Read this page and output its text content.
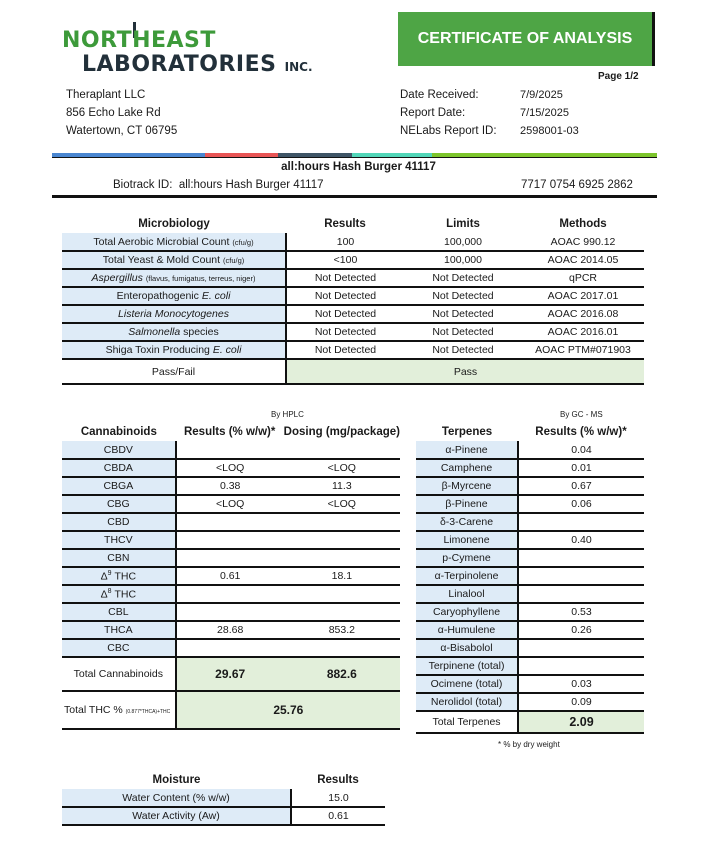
NORTHEAST
LABORATORIES INC.
CERTIFICATE OF ANALYSIS
Page 1/2
Theraplant LLC
856 Echo Lake Rd
Watertown, CT 06795
Date Received:	7/9/2025
Report Date:	7/15/2025
NELabs Report ID: 2598001-03
all:hours Hash Burger 41117
Biotrack ID: all:hours Hash Burger 41117	7717 0754 6925 2862
Microbiology	Results	Limits	Methods
Total Aerobic Microbial Count (cfu/g)	100	100,000	AOAC 990.12
Total Yeast & Mold Count (cfu/g)	<100	100,000	AOAC 2014.05
Aspergillus (flavus, fumigatus, terreus, niger)	Not Detected	Not Detected	qPCR
Enteropathogenic E. coli	Not Detected	Not Detected	AOAC 2017.01
Listeria Monocytogenes	Not Detected	Not Detected	AOAC 2016.08
Salmonella species	Not Detected	Not Detected	AOAC 2016.01
Shiga Toxin Producing E. coli	Not Detected	Not Detected	AOAC PTM#071903
Pass/Fail	Pass		
By HPLC	By GC - MS
Cannabinoids	Results (% w/w)*	Dosing (mg/package)
CBDV		
CBDA	<LOQ	<LOQ
CBGA	0.38	11.3
CBG	<LOQ	<LOQ
CBD		
THCV		
CBN		
$\Delta^9$ THC	0.61	18.1
$\Delta^8$ THC		
CBL		
THCA	28.68	853.2
CBC		
Total Cannabinoids	29.67	882.6
Total THC % (0.877*THCA)+THC	25.76	
Terpenes	Results (% w/w)*
α-Pinene	0.04
Camphene	0.01
β-Myrcene	0.67
β-Pinene	0.06
δ-3-Carene	
Limonene	0.40
p-Cymene	
α-Terpinolene	
Linalool	
Caryophyllene	0.53
α-Humulene	0.26
α-Bisabolol	
Terpinene (total)	
Ocimene (total)	0.03
Nerolidol (total)	0.09
Total Terpenes	2.09
* % by dry weight
Moisture	Results
Water Content (% w/w)	15.0
Water Activity (Aw)	0.61
